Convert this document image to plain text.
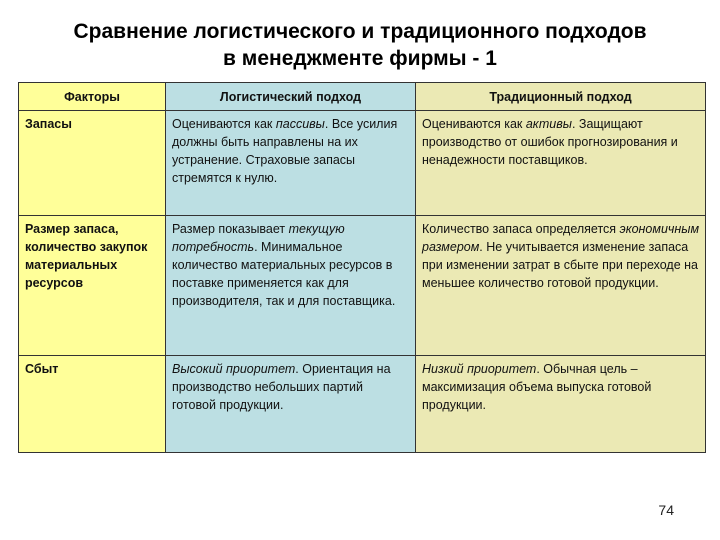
Сравнение логистического и традиционного подходов
в менеджменте фирмы - 1
Факторы	Логистический подход	Традиционный подход
Запасы	Оцениваются как пассивы. Все усилия должны быть направлены на их устранение. Страховые запасы стремятся к нулю.	Оцениваются как активы. Защищают производство от ошибок прогнозирования и ненадежности поставщиков.
Размер запаса, количество закупок материальных ресурсов	Размер показывает текущую потребность. Минимальное количество материальных ресурсов в поставке применяется как для производителя, так и для поставщика.	Количество запаса определяется экономичным размером. Не учитывается изменение запаса при изменении затрат в сбыте при переходе на меньшее количество готовой продукции.
Сбыт	Высокий приоритет. Ориентация на производство небольших партий готовой продукции.	Низкий приоритет. Обычная цель – максимизация объема выпуска готовой продукции.
74
